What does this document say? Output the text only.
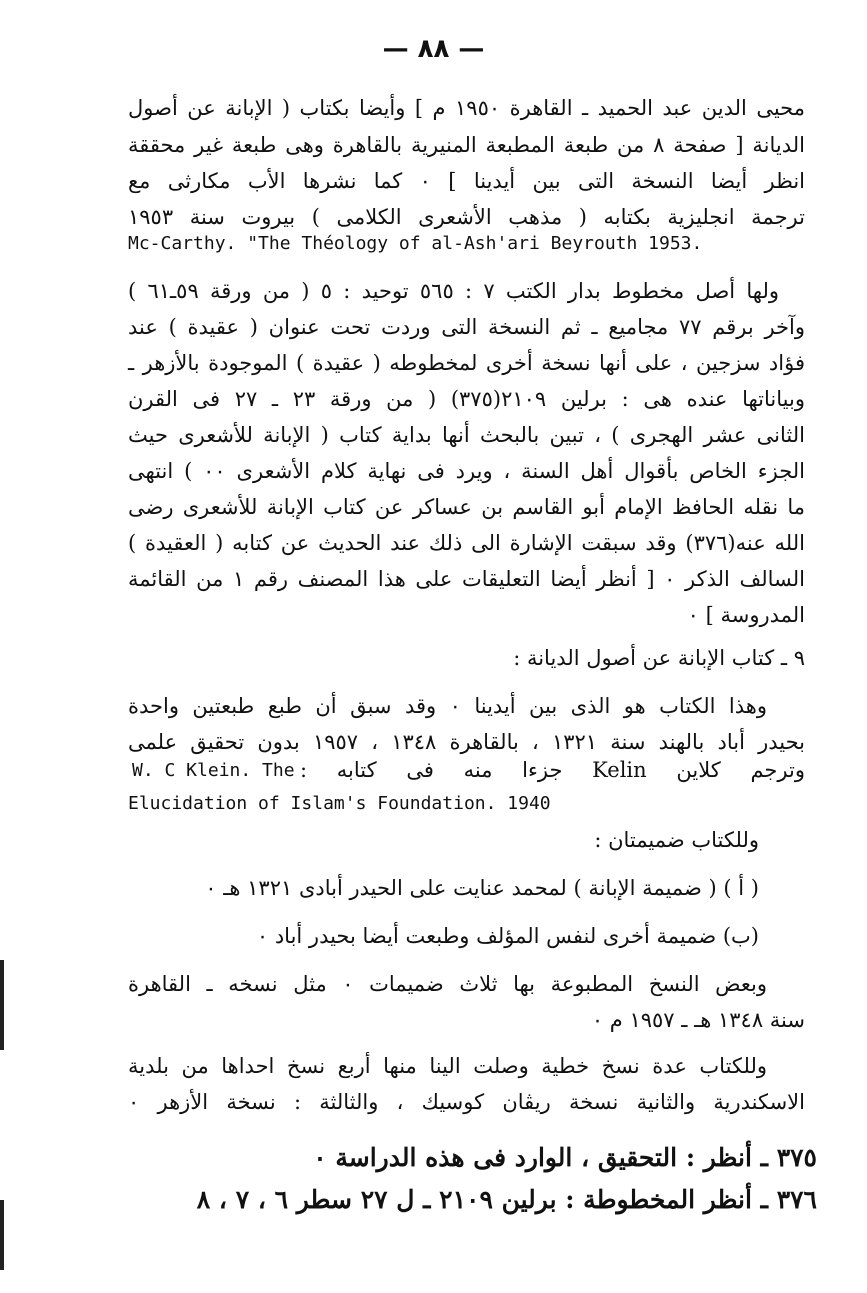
— ٨٨ —
محيى الدين عبد الحميد ـ القاهرة ١٩٥٠ م ] وأيضا بكتاب ( الإبانة عن أصول
الديانة [ صفحة ٨ من طبعة المطبعة المنيرية بالقاهرة وهى طبعة غير محققة
انظر أيضا النسخة التى بين أيدينا ] ٠ كما نشرها الأب مكارثى مع
ترجمة انجليزية بكتابه ( مذهب الأشعرى الكلامى ) بيروت سنة ١٩٥٣
Mc-Carthy. "The Théology of al-Ash'ari Beyrouth 1953.
ولها أصل مخطوط بدار الكتب ٧ : ٥٦٥ توحيد : ٥ ( من ورقة ٥٩ـ٦١ )
وآخر برقم ٧٧ مجاميع ـ ثم النسخة التى وردت تحت عنوان ( عقيدة ) عند
فؤاد سزجين ، على أنها نسخة أخرى لمخطوطه ( عقيدة ) الموجودة بالأزهر ـ
وبياناتها عنده هى : برلين ٢١٠٩(٣٧٥) ( من ورقة ٢٣ ـ ٢٧ فى القرن
الثانى عشر الهجرى ) ، تبين بالبحث أنها بداية كتاب ( الإبانة للأشعرى حيث
الجزء الخاص بأقوال أهل السنة ، ويرد فى نهاية كلام الأشعرى ٠٠ ) انتهى
ما نقله الحافظ الإمام أبو القاسم بن عساكر عن كتاب الإبانة للأشعرى رضى
الله عنه(٣٧٦) وقد سبقت الإشارة الى ذلك عند الحديث عن كتابه ( العقيدة )
السالف الذكر ٠ [ أنظر أيضا التعليقات على هذا المصنف رقم ١ من القائمة
المدروسة ] ٠
٩ ـ كتاب الإبانة عن أصول الديانة :
وهذا الكتاب هو الذى بين أيدينا ٠ وقد سبق أن طبع طبعتين واحدة
بحيدر أباد بالهند سنة ١٣٢١ ، بالقاهرة ١٣٤٨ ، ١٩٥٧ بدون تحقيق علمى
وترجم كلاين Kelin جزءا منه فى كتابه :
W. C Klein. The
Elucidation of Islam's Foundation. 1940
وللكتاب ضميمتان :
( أ ) ( ضميمة الإبانة ) لمحمد عنايت على الحيدر أبادى ١٣٢١ هـ ٠
(ب) ضميمة أخرى لنفس المؤلف وطبعت أيضا بحيدر أباد ٠
وبعض النسخ المطبوعة بها ثلاث ضميمات ٠ مثل نسخه ـ القاهرة
سنة ١٣٤٨ هـ ـ ١٩٥٧ م ٠
وللكتاب عدة نسخ خطية وصلت الينا منها أربع نسخ احداها من بلدية
الاسكندرية والثانية نسخة ريڤان كوسيك ، والثالثة : نسخة الأزهر ٠
٣٧٥ ـ أنظر : التحقيق ، الوارد فى هذه الدراسة ٠
٣٧٦ ـ أنظر المخطوطة : برلين ٢١٠٩ ـ ل ٢٧ سطر ٦ ، ٧ ، ٨
